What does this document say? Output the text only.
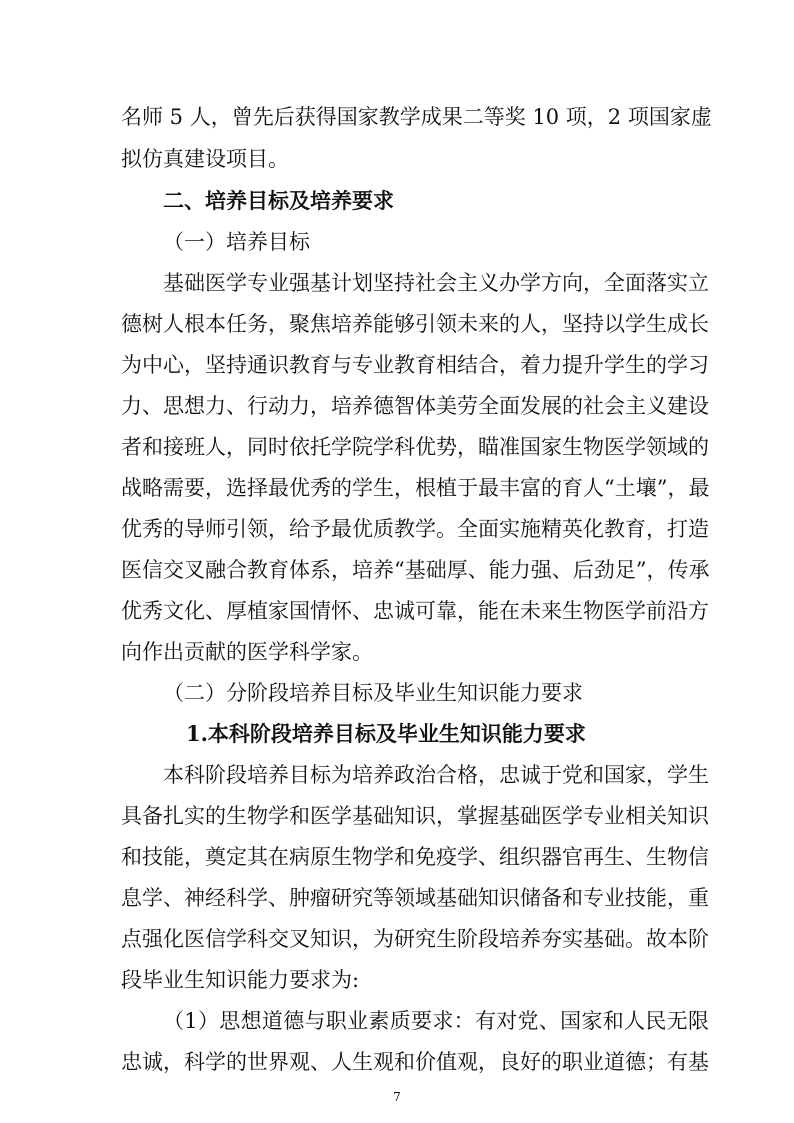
名师 5 人，曾先后获得国家教学成果二等奖 10 项，2 项国家虚
拟仿真建设项目。
二、培养目标及培养要求
（一）培养目标
基础医学专业强基计划坚持社会主义办学方向，全面落实立
德树人根本任务，聚焦培养能够引领未来的人，坚持以学生成长
为中心，坚持通识教育与专业教育相结合，着力提升学生的学习
力、思想力、行动力，培养德智体美劳全面发展的社会主义建设
者和接班人，同时依托学院学科优势，瞄准国家生物医学领域的
战略需要，选择最优秀的学生，根植于最丰富的育人“土壤”，最
优秀的导师引领，给予最优质教学。全面实施精英化教育，打造
医信交叉融合教育体系，培养“基础厚、能力强、后劲足”，传承
优秀文化、厚植家国情怀、忠诚可靠，能在未来生物医学前沿方
向作出贡献的医学科学家。
（二）分阶段培养目标及毕业生知识能力要求
1.本科阶段培养目标及毕业生知识能力要求
本科阶段培养目标为培养政治合格，忠诚于党和国家，学生
具备扎实的生物学和医学基础知识，掌握基础医学专业相关知识
和技能，奠定其在病原生物学和免疫学、组织器官再生、生物信
息学、神经科学、肿瘤研究等领域基础知识储备和专业技能，重
点强化医信学科交叉知识，为研究生阶段培养夯实基础。故本阶
段毕业生知识能力要求为:
（1）思想道德与职业素质要求：有对党、国家和人民无限
忠诚，科学的世界观、人生观和价值观，良好的职业道德；有基
7
